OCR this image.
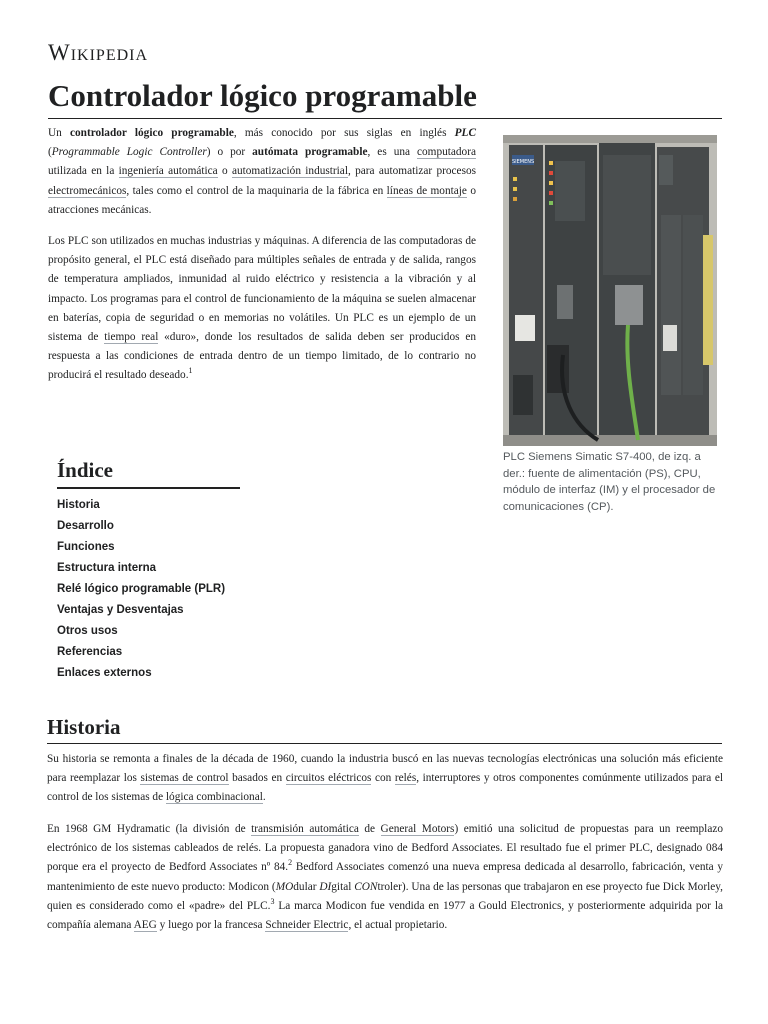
Wikipedia
Controlador lógico programable

Un controlador lógico programable, más conocido por sus siglas en inglés PLC (Programmable Logic Controller) o por autómata programable, es una computadora utilizada en la ingeniería automática o automatización industrial, para automatizar procesos electromecánicos, tales como el control de la maquinaria de la fábrica en líneas de montaje o atracciones mecánicas.

Los PLC son utilizados en muchas industrias y máquinas. A diferencia de las computadoras de propósito general, el PLC está diseñado para múltiples señales de entrada y de salida, rangos de temperatura ampliados, inmunidad al ruido eléctrico y resistencia a la vibración y al impacto. Los programas para el control de funcionamiento de la máquina se suelen almacenar en baterías, copia de seguridad o en memorias no volátiles. Un PLC es un ejemplo de un sistema de tiempo real «duro», donde los resultados de salida deben ser producidos en respuesta a las condiciones de entrada dentro de un tiempo limitado, de lo contrario no producirá el resultado deseado.$^1$

SIEMENS
PLC Siemens Simatic S7-400, de izq. a der.: fuente de alimentación (PS), CPU, módulo de interfaz (IM) y el procesador de comunicaciones (CP).
Índice
Historia
Desarrollo
Funciones
Estructura interna
Relé lógico programable (PLR)
Ventajas y Desventajas
Otros usos
Referencias
Enlaces externos
Historia

Su historia se remonta a finales de la década de 1960, cuando la industria buscó en las nuevas tecnologías electrónicas una solución más eficiente para reemplazar los sistemas de control basados en circuitos eléctricos con relés, interruptores y otros componentes comúnmente utilizados para el control de los sistemas de lógica combinacional.

En 1968 GM Hydramatic (la división de transmisión automática de General Motors) emitió una solicitud de propuestas para un reemplazo electrónico de los sistemas cableados de relés. La propuesta ganadora vino de Bedford Associates. El resultado fue el primer PLC, designado 084 porque era el proyecto de Bedford Associates nº 84.$^2$ Bedford Associates comenzó una nueva empresa dedicada al desarrollo, fabricación, venta y mantenimiento de este nuevo producto: Modicon (MOdular DIgital CONtroler). Una de las personas que trabajaron en ese proyecto fue Dick Morley, quien es considerado como el «padre» del PLC.$^3$ La marca Modicon fue vendida en 1977 a Gould Electronics, y posteriormente adquirida por la compañía alemana AEG y luego por la francesa Schneider Electric, el actual propietario.
